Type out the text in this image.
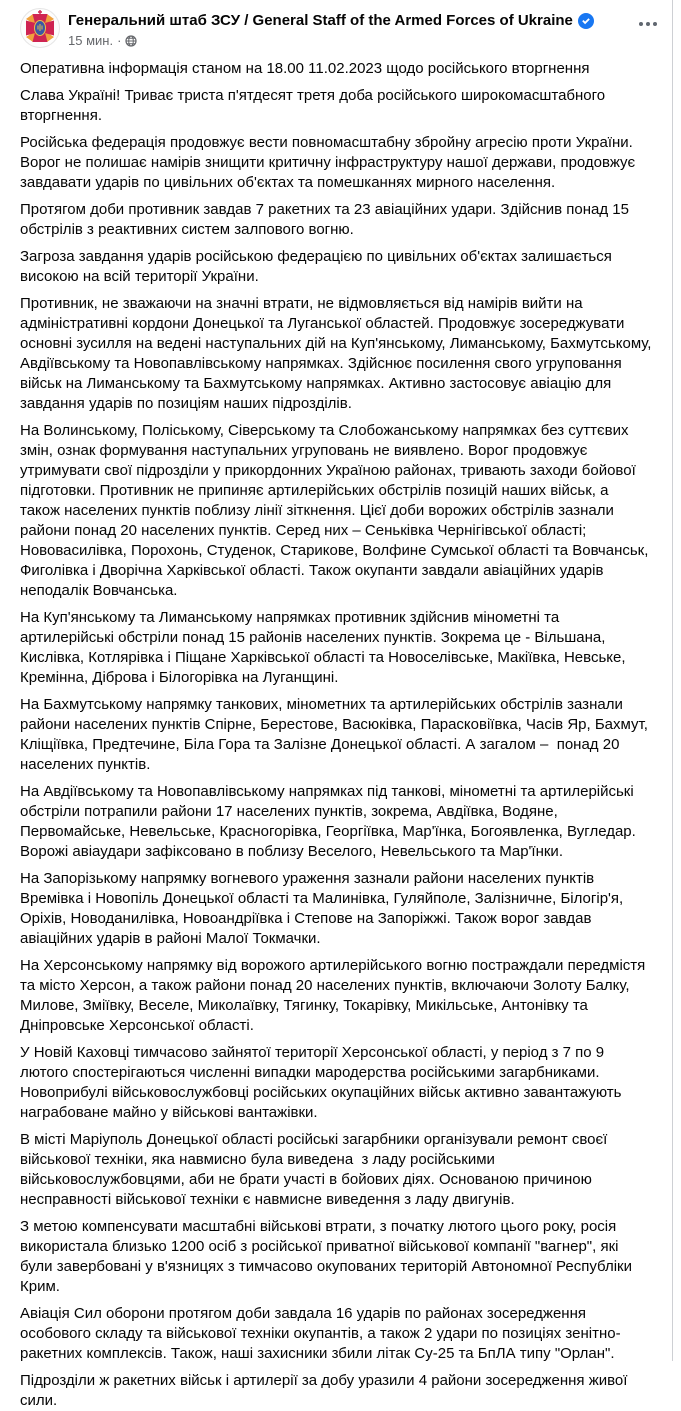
Генеральний штаб ЗСУ / General Staff of the Armed Forces of Ukraine
15 мин. ·

Оперативна інформація станом на 18.00 11.02.2023 щодо російського вторгнення

Слава Україні! Триває триста п'ятдесят третя доба російського широкомасштабного вторгнення.

Російська федерація продовжує вести повномасштабну збройну агресію проти України. Ворог не полишає намірів знищити критичну інфраструктуру нашої держави, продовжує завдавати ударів по цивільних об'єктах та помешканнях мирного населення.

Протягом доби противник завдав 7 ракетних та 23 авіаційних удари. Здійснив понад 15 обстрілів з реактивних систем залпового вогню.

Загроза завдання ударів російською федерацією по цивільних об'єктах залишається високою на всій території України.

Противник, не зважаючи на значні втрати, не відмовляється від намірів вийти на адміністративні кордони Донецької та Луганської областей. Продовжує зосереджувати основні зусилля на ведені наступальних дій на Куп'янському, Лиманському, Бахмутському, Авдіївському та Новопавлівському напрямках. Здійснює посилення свого угруповання військ на Лиманському та Бахмутському напрямках. Активно застосовує авіацію для завдання ударів по позиціям наших підрозділів.

На Волинському, Поліському, Сіверському та Слобожанському напрямках без суттєвих змін, ознак формування наступальних угруповань не виявлено. Ворог продовжує утримувати свої підрозділи у прикордонних Україною районах, тривають заходи бойової підготовки. Противник не припиняє артилерійських обстрілів позицій наших військ, а також населених пунктів поблизу лінії зіткнення. Цієї доби ворожих обстрілів зазнали райони понад 20 населених пунктів. Серед них – Сеньківка Чернігівської області; Нововасилівка, Порохонь, Студенок, Старикове, Волфине Сумської області та Вовчанськ, Фиголівка і Дворічна Харківської області. Також окупанти завдали авіаційних ударів неподалік Вовчанська.

На Куп'янському та Лиманському напрямках противник здійснив мінометні та артилерійські обстріли понад 15 районів населених пунктів. Зокрема це - Вільшана, Кислівка, Котлярівка і Піщане Харківської області та Новоселівське, Макіївка, Невське, Кремінна, Діброва і Білогорівка на Луганщині.

На Бахмутському напрямку танкових, мінометних та артилерійських обстрілів зазнали райони населених пунктів Спірне, Берестове, Васюківка, Парасковіївка, Часів Яр, Бахмут, Кліщіївка, Предтечине, Біла Гора та Залізне Донецької області. А загалом –  понад 20 населених пунктів.

На Авдіївському та Новопавлівському напрямках під танкові, мінометні та артилерійські обстріли потрапили райони 17 населених пунктів, зокрема, Авдіївка, Водяне, Первомайське, Невельське, Красногорівка, Георгіївка, Мар'їнка, Богоявленка, Вугледар. Ворожі авіаудари зафіксовано в поблизу Веселого, Невельського та Мар'їнки.

На Запорізькому напрямку вогневого ураження зазнали райони населених пунктів Времівка і Новопіль Донецької області та Малинівка, Гуляйполе, Залізничне, Білогір'я, Оріхів, Новоданилівка, Новоандріївка і Степове на Запоріжжі. Також ворог завдав авіаційних ударів в районі Малої Токмачки.

На Херсонському напрямку від ворожого артилерійського вогню постраждали передмістя та місто Херсон, а також райони понад 20 населених пунктів, включаючи Золоту Балку, Милове, Зміївку, Веселе, Миколаївку, Тягинку, Токарівку, Микільське, Антонівку та Дніпровське Херсонської області.

У Новій Каховці тимчасово зайнятої території Херсонської області, у період з 7 по 9 лютого спостерігаються численні випадки мародерства російськими загарбниками. Новоприбулі військовослужбовці російських окупаційних військ активно завантажують награбоване майно у військові вантажівки.

В місті Маріуполь Донецької області російські загарбники організували ремонт своєї військової техніки, яка навмисно була виведена  з ладу російськими  військовослужбовцями, аби не брати участі в бойових діях. Основаною причиною несправності військової техніки є навмисне виведення з ладу двигунів.

З метою компенсувати масштабні військові втрати, з початку лютого цього року, росія використала близько 1200 осіб з російської приватної військової компанії "вагнер", які були завербовані у в'язницях з тимчасово окупованих територій Автономної Республіки Крим.

Авіація Сил оборони протягом доби завдала 16 ударів по районах зосередження особового складу та військової техніки окупантів, а також 2 удари по позиціях зенітно-ракетних комплексів. Також, наші захисники збили літак Су-25 та БпЛА типу "Орлан".

Підрозділи ж ракетних військ і артилерії за добу уразили 4 райони зосередження живої сили.
